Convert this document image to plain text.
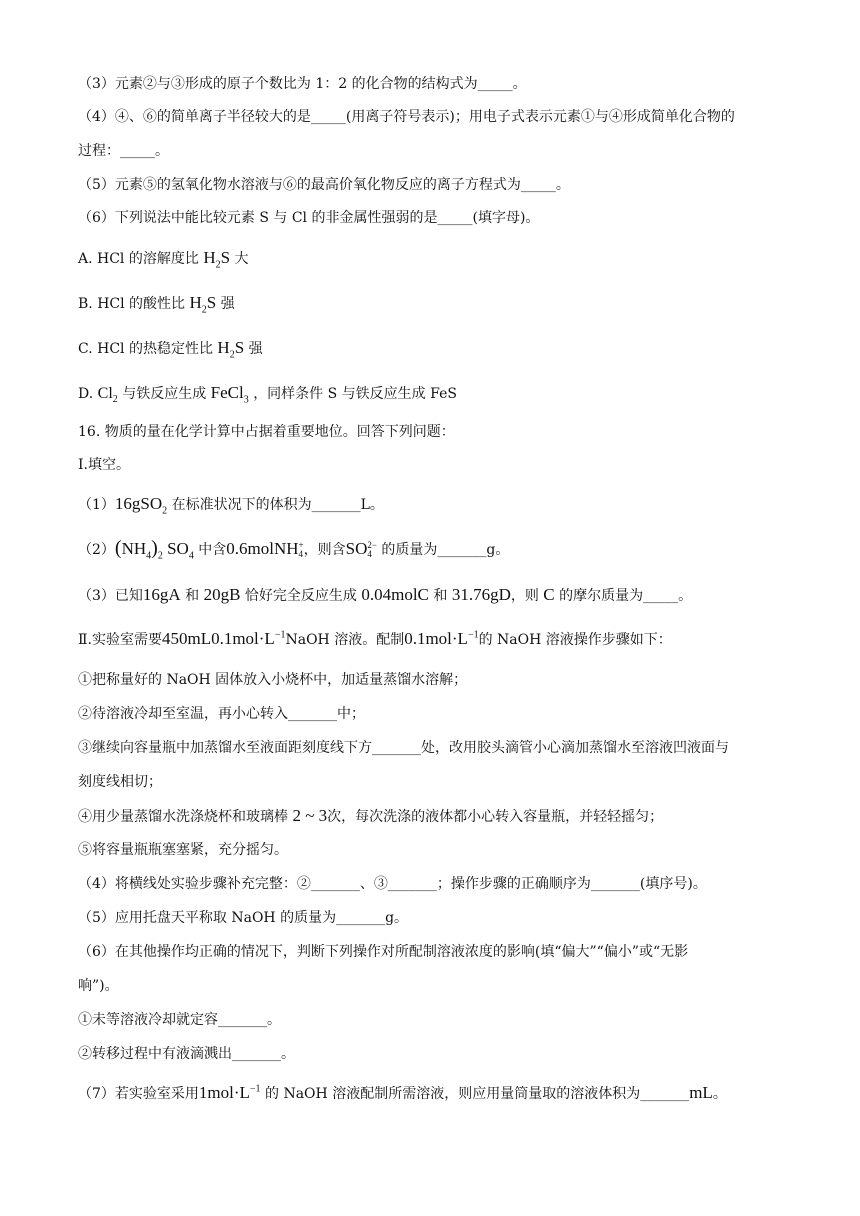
（3）元素②与③形成的原子个数比为 1：2 的化合物的结构式为_____。
（4）④、⑥的简单离子半径较大的是_____(用离子符号表示)；用电子式表示元素①与④形成简单化合物的
过程：_____。
（5）元素⑤的氢氧化物水溶液与⑥的最高价氧化物反应的离子方程式为_____。
（6）下列说法中能比较元素 S 与 Cl 的非金属性强弱的是_____(填字母)。
A. HCl 的溶解度比 $H_2S$ 大
B. HCl 的酸性比 $H_2S$ 强
C. HCl 的热稳定性比 $H_2S$ 强
D. $Cl_2$ 与铁反应生成 FeCl$_3$ ，同样条件 S 与铁反应生成 FeS
16. 物质的量在化学计算中占据着重要地位。回答下列问题：
I.填空。
（1）16gSO$_2$ 在标准状况下的体积为_______L。
$(2)(NH_4)_2$ $SO_4$ 中含0.6molNH +
4 ，则含SO 2−
4 的质量为_______g。
（3）已知16gA 和 20gB 恰好完全反应生成 0.04molC 和 31.76gD，则 C 的摩尔质量为_____。
Ⅱ.实验室需要$450mL0.1mol\cdot L^{-1}NaOH$ 溶液。配制$0.1mol\cdot L^{-1}$的 NaOH 溶液操作步骤如下：
①把称量好的 NaOH 固体放入小烧杯中，加适量蒸馏水溶解；
②待溶液冷却至室温，再小心转入_______中；
③继续向容量瓶中加蒸馏水至液面距刻度线下方_______处，改用胶头滴管小心滴加蒸馏水至溶液凹液面与
刻度线相切；
④用少量蒸馏水洗涤烧杯和玻璃棒 2 ~ 3次，每次洗涤的液体都小心转入容量瓶，并轻轻摇匀；
⑤将容量瓶瓶塞塞紧，充分摇匀。
（4）将横线处实验步骤补充完整：②_______、③_______；操作步骤的正确顺序为_______(填序号)。
（5）应用托盘天平称取 NaOH 的质量为_______g。
（6）在其他操作均正确的情况下，判断下列操作对所配制溶液浓度的影响(填“偏大”“偏小”或“无影
响”)。
①未等溶液冷却就定容_______。
②转移过程中有液滴溅出_______。
（7）若实验室采用$1mol\cdot L^{-1}$ 的 NaOH 溶液配制所需溶液，则应用量筒量取的溶液体积为_______mL。
